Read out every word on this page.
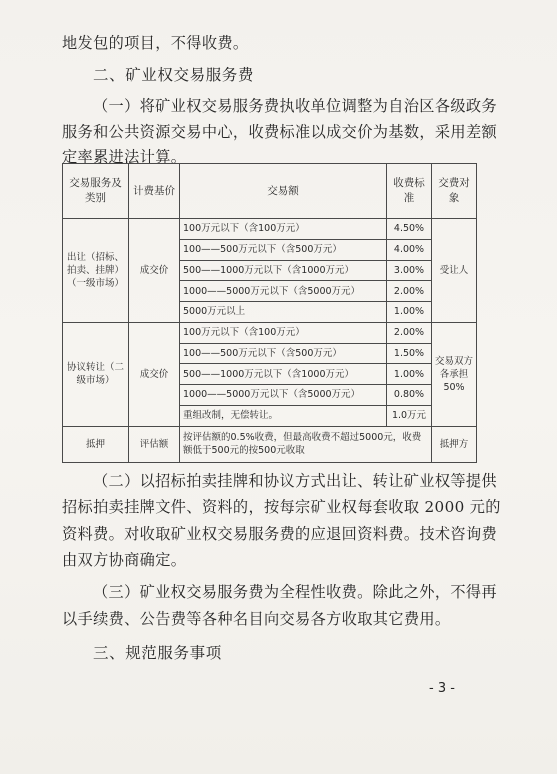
地发包的项目，不得收费。
二、矿业权交易服务费
（一）将矿业权交易服务费执收单位调整为自治区各级政务
服务和公共资源交易中心，收费标准以成交价为基数，采用差额
定率累进法计算。
交易服务及类别	计费基价	交易额	收费标准	交费对象
出让（招标、拍卖、挂牌）（一级市场）	成交价	100万元以下（含100万元）	4.50%	受让人
		100——500万元以下（含500万元）	4.00%	
		500——1000万元以下（含1000万元）	3.00%	
		1000——5000万元以下（含5000万元）	2.00%	
		5000万元以上	1.00%	
协议转让（二级市场）	成交价	100万元以下（含100万元）	2.00%	交易双方各承担50%
		100——500万元以下（含500万元）	1.50%	
		500——1000万元以下（含1000万元）	1.00%	
		1000——5000万元以下（含5000万元）	0.80%	
		重组改制，无偿转让。	1.0万元	
抵押	评估额	按评估额的0.5%收费，但最高收费不超过5000元，收费额低于500元的按500元收取		抵押方
（二）以招标拍卖挂牌和协议方式出让、转让矿业权等提供
招标拍卖挂牌文件、资料的，按每宗矿业权每套收取 2000 元的
资料费。对收取矿业权交易服务费的应退回资料费。技术咨询费
由双方协商确定。
（三）矿业权交易服务费为全程性收费。除此之外，不得再
以手续费、公告费等各种名目向交易各方收取其它费用。
三、规范服务事项
- 3 -
